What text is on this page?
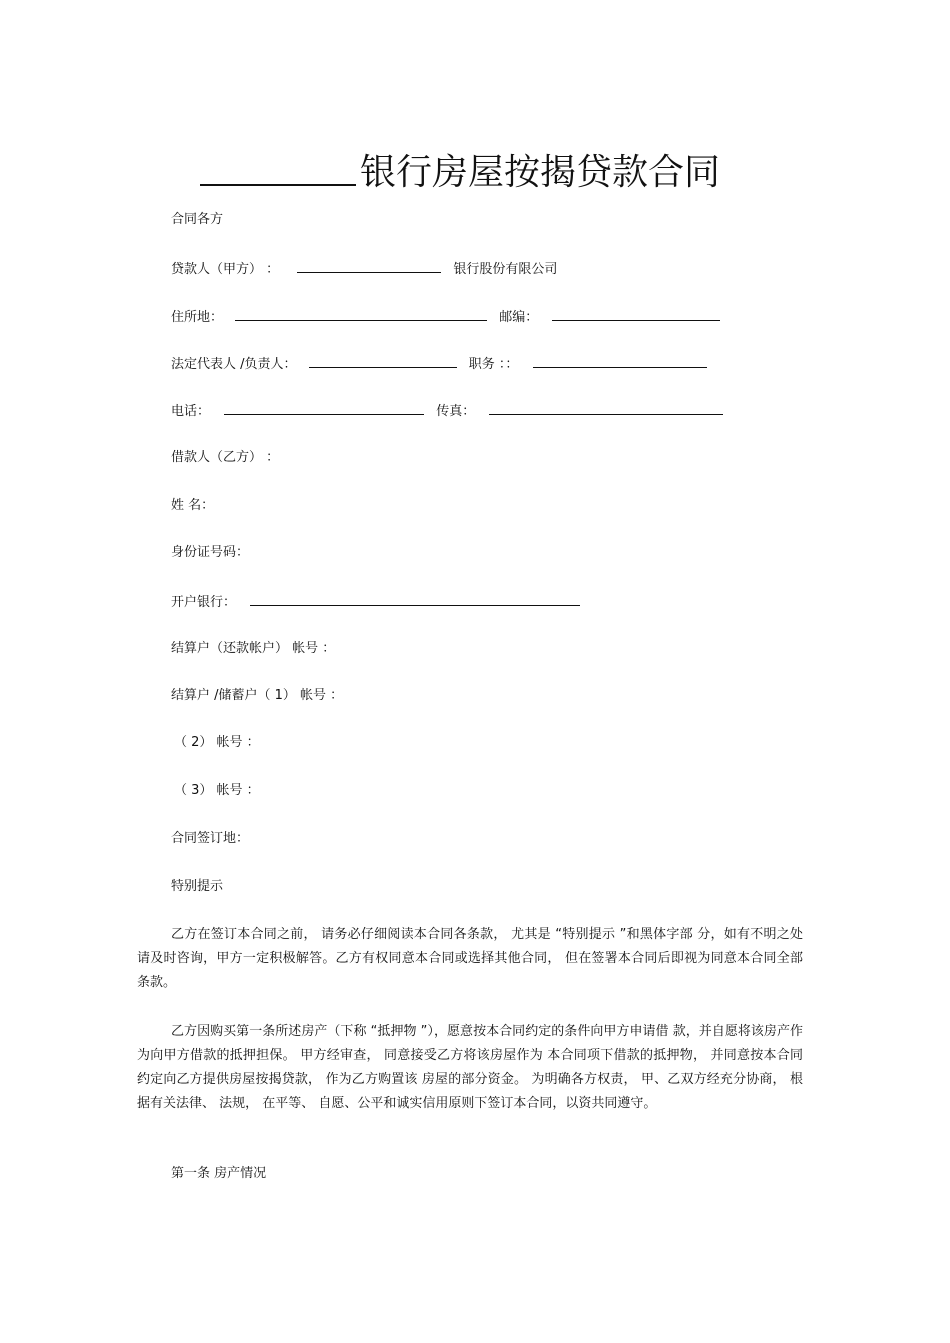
银行房屋按揭贷款合同
合同各方
贷款人（甲方） ：	银行股份有限公司
住所地：	邮编：
法定代表人 /负责人：	职务 ：：
电话：	传真：
借款人（乙方） ：
姓 名：
身份证号码：
开户银行：
结算户（还款帐户） 帐号 ：
结算户 /储蓄户（ 1） 帐号 ：
（ 2） 帐号 ：
（ 3） 帐号 ：
合同签订地：
特别提示
乙方在签订本合同之前， 请务必仔细阅读本合同各条款， 尤其是 “特别提示 ”和黑体字部 分，如有不明之处请及时咨询，甲方一定积极解答。乙方有权同意本合同或选择其他合同， 但在签署本合同后即视为同意本合同全部条款。
乙方因购买第一条所述房产（下称 “抵押物 ”），愿意按本合同约定的条件向甲方申请借 款，并自愿将该房产作为向甲方借款的抵押担保。 甲方经审查， 同意接受乙方将该房屋作为 本合同项下借款的抵押物， 并同意按本合同约定向乙方提供房屋按揭贷款， 作为乙方购置该 房屋的部分资金。 为明确各方权责， 甲、乙双方经充分协商， 根据有关法律、 法规， 在平等、 自愿、公平和诚实信用原则下签订本合同，以资共同遵守。
第一条 房产情况
